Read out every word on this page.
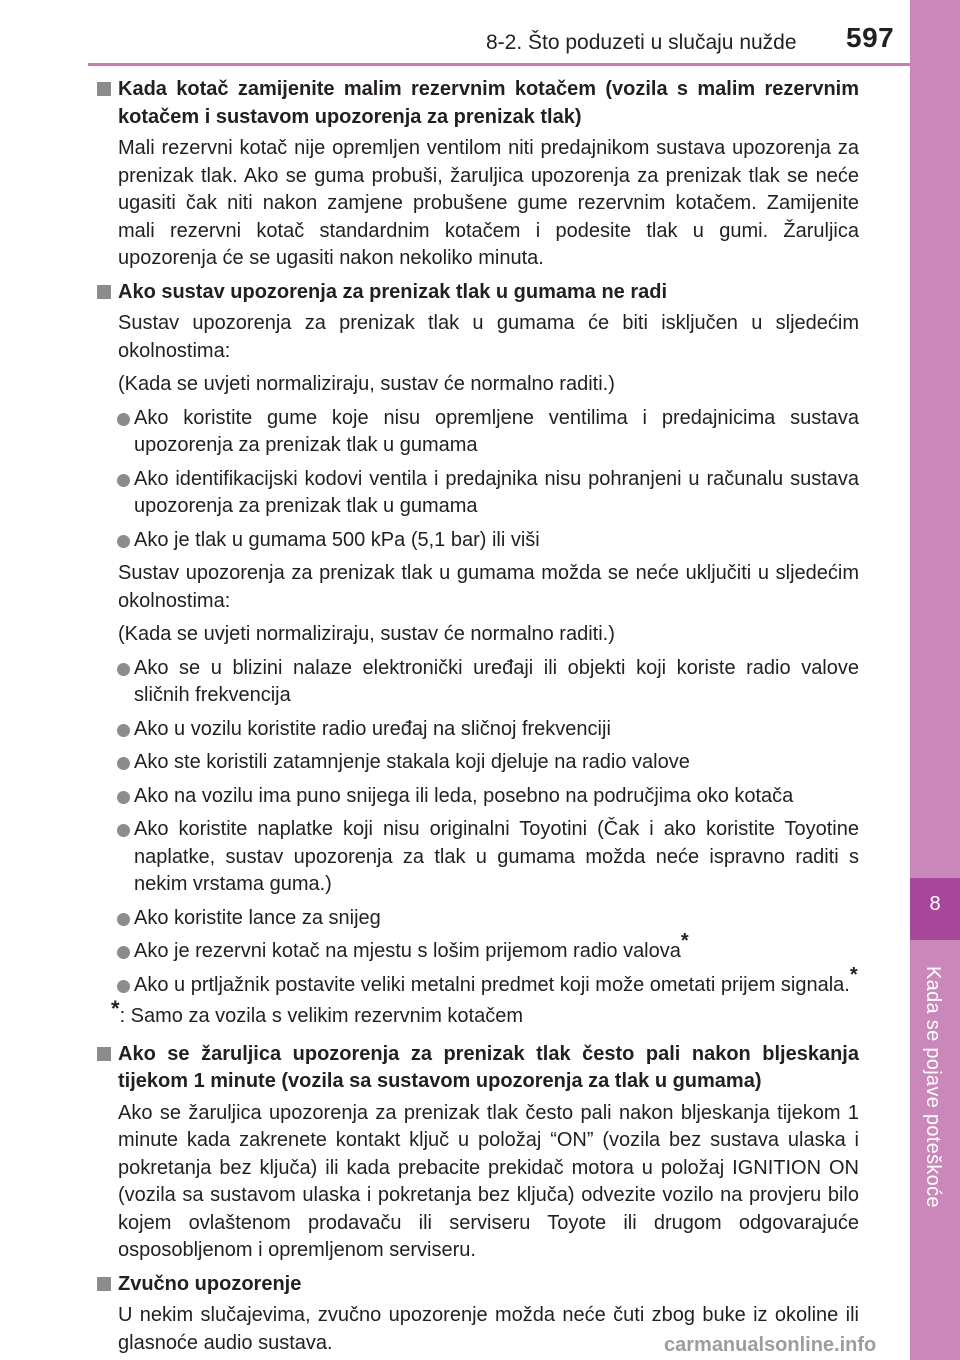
8-2. Što poduzeti u slučaju nužde	597
8
Kada se pojave poteškoće
Kada kotač zamijenite malim rezervnim kotačem (vozila s malim rezervnim kotačem i sustavom upozorenja za prenizak tlak)
Mali rezervni kotač nije opremljen ventilom niti predajnikom sustava upozorenja za prenizak tlak. Ako se guma probuši, žaruljica upozorenja za prenizak tlak se neće ugasiti čak niti nakon zamjene probušene gume rezervnim kotačem. Zamijenite mali rezervni kotač standardnim kotačem i podesite tlak u gumi. Žaruljica upozorenja će se ugasiti nakon nekoliko minuta.
Ako sustav upozorenja za prenizak tlak u gumama ne radi
Sustav upozorenja za prenizak tlak u gumama će biti isključen u sljedećim okolnostima:
(Kada se uvjeti normaliziraju, sustav će normalno raditi.)
Ako koristite gume koje nisu opremljene ventilima i predajnicima sustava upozorenja za prenizak tlak u gumama
Ako identifikacijski kodovi ventila i predajnika nisu pohranjeni u računalu sustava upozorenja za prenizak tlak u gumama
Ako je tlak u gumama 500 kPa (5,1 bar) ili viši
Sustav upozorenja za prenizak tlak u gumama možda se neće uključiti u sljedećim okolnostima:
(Kada se uvjeti normaliziraju, sustav će normalno raditi.)
Ako se u blizini nalaze elektronički uređaji ili objekti koji koriste radio valove sličnih frekvencija
Ako u vozilu koristite radio uređaj na sličnoj frekvenciji
Ako ste koristili zatamnjenje stakala koji djeluje na radio valove
Ako na vozilu ima puno snijega ili leda, posebno na područjima oko kotača
Ako koristite naplatke koji nisu originalni Toyotini (Čak i ako koristite Toyotine naplatke, sustav upozorenja za tlak u gumama možda neće ispravno raditi s nekim vrstama guma.)
Ako koristite lance za snijeg
Ako je rezervni kotač na mjestu s lošim prijemom radio valova*
Ako u prtljažnik postavite veliki metalni predmet koji može ometati prijem signala.*
*: Samo za vozila s velikim rezervnim kotačem
Ako se žaruljica upozorenja za prenizak tlak često pali nakon bljeskanja tijekom 1 minute (vozila sa sustavom upozorenja za tlak u gumama)
Ako se žaruljica upozorenja za prenizak tlak često pali nakon bljeskanja tijekom 1 minute kada zakrenete kontakt ključ u položaj “ON” (vozila bez sustava ulaska i pokretanja bez ključa) ili kada prebacite prekidač motora u položaj IGNITION ON (vozila sa sustavom ulaska i pokretanja bez ključa) odvezite vozilo na provjeru bilo kojem ovlaštenom prodavaču ili serviseru Toyote ili drugom odgovarajuće osposobljenom i opremljenom serviseru.
Zvučno upozorenje
U nekim slučajevima, zvučno upozorenje možda neće čuti zbog buke iz okoline ili glasnoće audio sustava.	carmanualsonline.info
